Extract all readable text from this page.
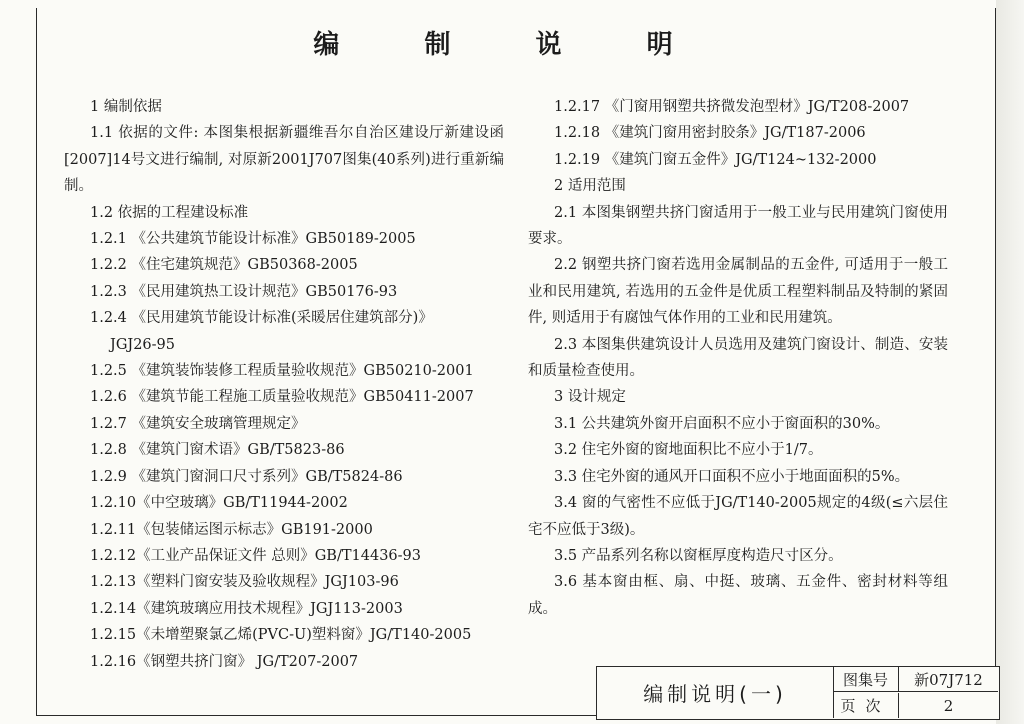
编 制 说 明
1 编制依据
1.1 依据的文件: 本图集根据新疆维吾尔自治区建设厅新建设函[2007]14号文进行编制, 对原新2001J707图集(40系列)进行重新编制。
1.2 依据的工程建设标准
1.2.1 《公共建筑节能设计标准》GB50189-2005
1.2.2 《住宅建筑规范》GB50368-2005
1.2.3 《民用建筑热工设计规范》GB50176-93
1.2.4 《民用建筑节能设计标准(采暖居住建筑部分)》
JGJ26-95
1.2.5 《建筑装饰装修工程质量验收规范》GB50210-2001
1.2.6 《建筑节能工程施工质量验收规范》GB50411-2007
1.2.7 《建筑安全玻璃管理规定》
1.2.8 《建筑门窗术语》GB/T5823-86
1.2.9 《建筑门窗洞口尺寸系列》GB/T5824-86
1.2.10《中空玻璃》GB/T11944-2002
1.2.11《包装储运图示标志》GB191-2000
1.2.12《工业产品保证文件 总则》GB/T14436-93
1.2.13《塑料门窗安装及验收规程》JGJ103-96
1.2.14《建筑玻璃应用技术规程》JGJ113-2003
1.2.15《未增塑聚氯乙烯(PVC-U)塑料窗》JG/T140-2005
1.2.16《钢塑共挤门窗》 JG/T207-2007
1.2.17 《门窗用钢塑共挤微发泡型材》JG/T208-2007
1.2.18 《建筑门窗用密封胶条》JG/T187-2006
1.2.19 《建筑门窗五金件》JG/T124~132-2000
2 适用范围
2.1 本图集钢塑共挤门窗适用于一般工业与民用建筑门窗使用要求。
2.2 钢塑共挤门窗若选用金属制品的五金件, 可适用于一般工业和民用建筑, 若选用的五金件是优质工程塑料制品及特制的紧固件, 则适用于有腐蚀气体作用的工业和民用建筑。
2.3 本图集供建筑设计人员选用及建筑门窗设计、制造、安装和质量检查使用。
3 设计规定
3.1 公共建筑外窗开启面积不应小于窗面积的30%。
3.2 住宅外窗的窗地面积比不应小于1/7。
3.3 住宅外窗的通风开口面积不应小于地面面积的5%。
3.4 窗的气密性不应低于JG/T140-2005规定的4级(≤六层住宅不应低于3级)。
3.5 产品系列名称以窗框厚度构造尺寸区分。
3.6 基本窗由框、扇、中挺、玻璃、五金件、密封材料等组成。
编制说明(一)
图集号	新07J712
页次	2
